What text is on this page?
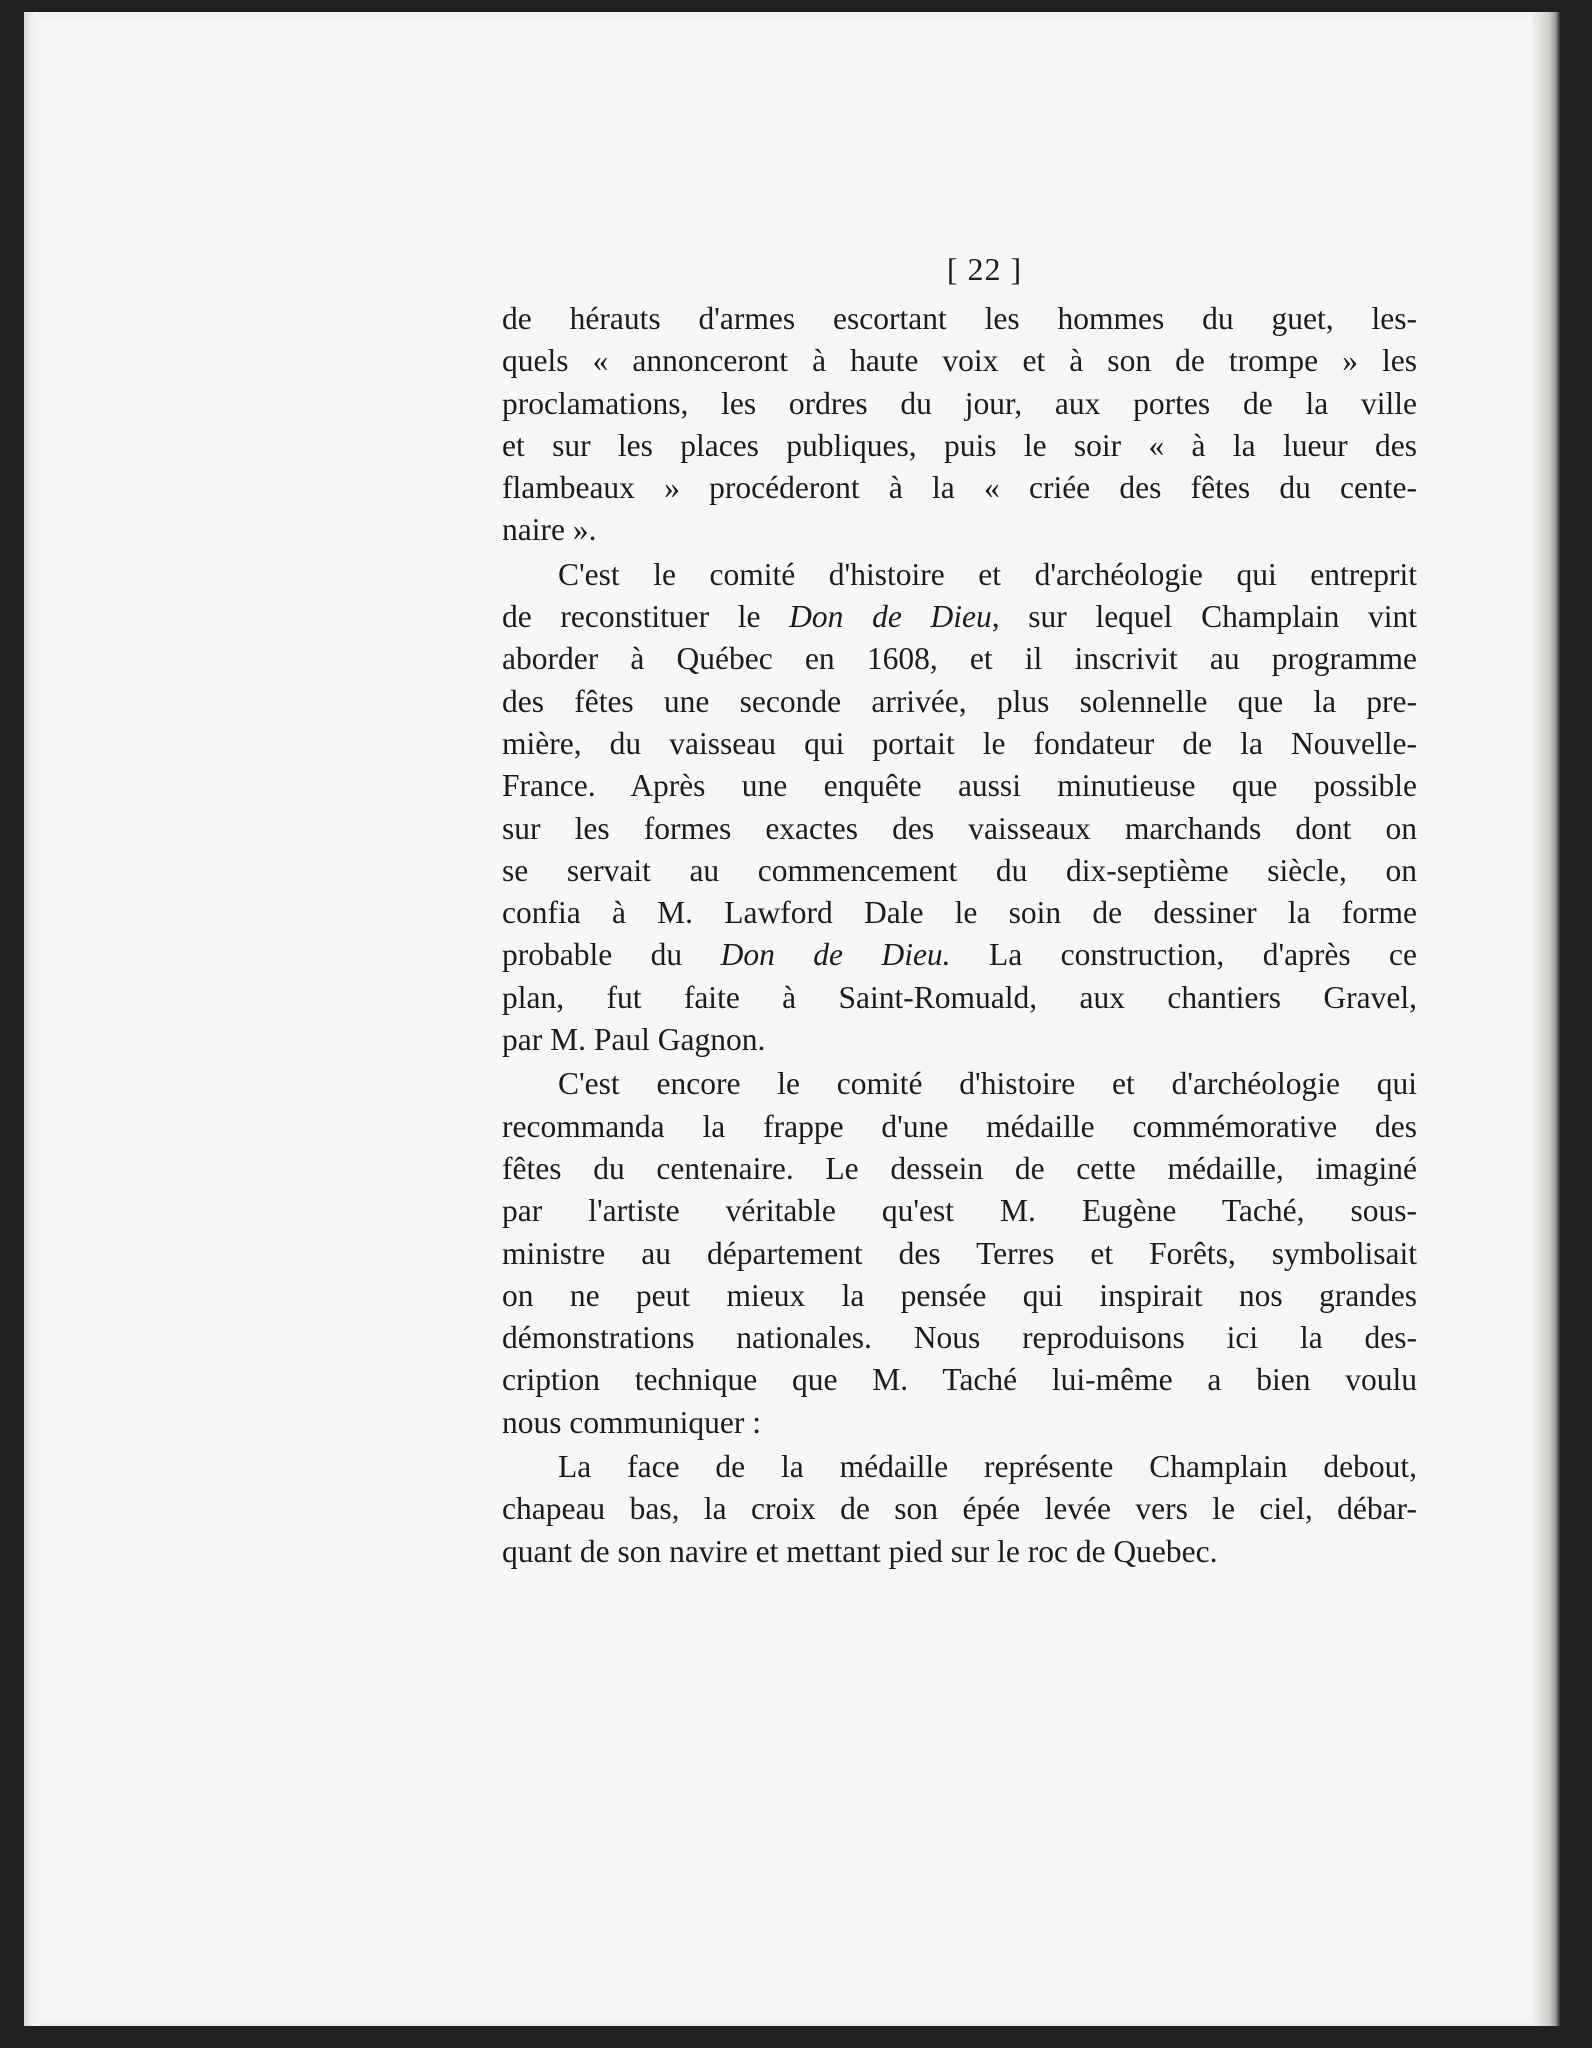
[ 22 ]
de hérauts d'armes escortant les hommes du guet, les-
quels « annonceront à haute voix et à son de trompe » les
proclamations, les ordres du jour, aux portes de la ville
et sur les places publiques, puis le soir « à la lueur des
flambeaux » procéderont à la « criée des fêtes du cente-
naire ».
C'est le comité d'histoire et d'archéologie qui entreprit
de reconstituer le Don de Dieu, sur lequel Champlain vint
aborder à Québec en 1608, et il inscrivit au programme
des fêtes une seconde arrivée, plus solennelle que la pre-
mière, du vaisseau qui portait le fondateur de la Nouvelle-
France. Après une enquête aussi minutieuse que possible
sur les formes exactes des vaisseaux marchands dont on
se servait au commencement du dix-septième siècle, on
confia à M. Lawford Dale le soin de dessiner la forme
probable du Don de Dieu. La construction, d'après ce
plan, fut faite à Saint-Romuald, aux chantiers Gravel,
par M. Paul Gagnon.
C'est encore le comité d'histoire et d'archéologie qui
recommanda la frappe d'une médaille commémorative des
fêtes du centenaire. Le dessein de cette médaille, imaginé
par l'artiste véritable qu'est M. Eugène Taché, sous-
ministre au département des Terres et Forêts, symbolisait
on ne peut mieux la pensée qui inspirait nos grandes
démonstrations nationales. Nous reproduisons ici la des-
cription technique que M. Taché lui-même a bien voulu
nous communiquer :
La face de la médaille représente Champlain debout,
chapeau bas, la croix de son épée levée vers le ciel, débar-
quant de son navire et mettant pied sur le roc de Quebec.
